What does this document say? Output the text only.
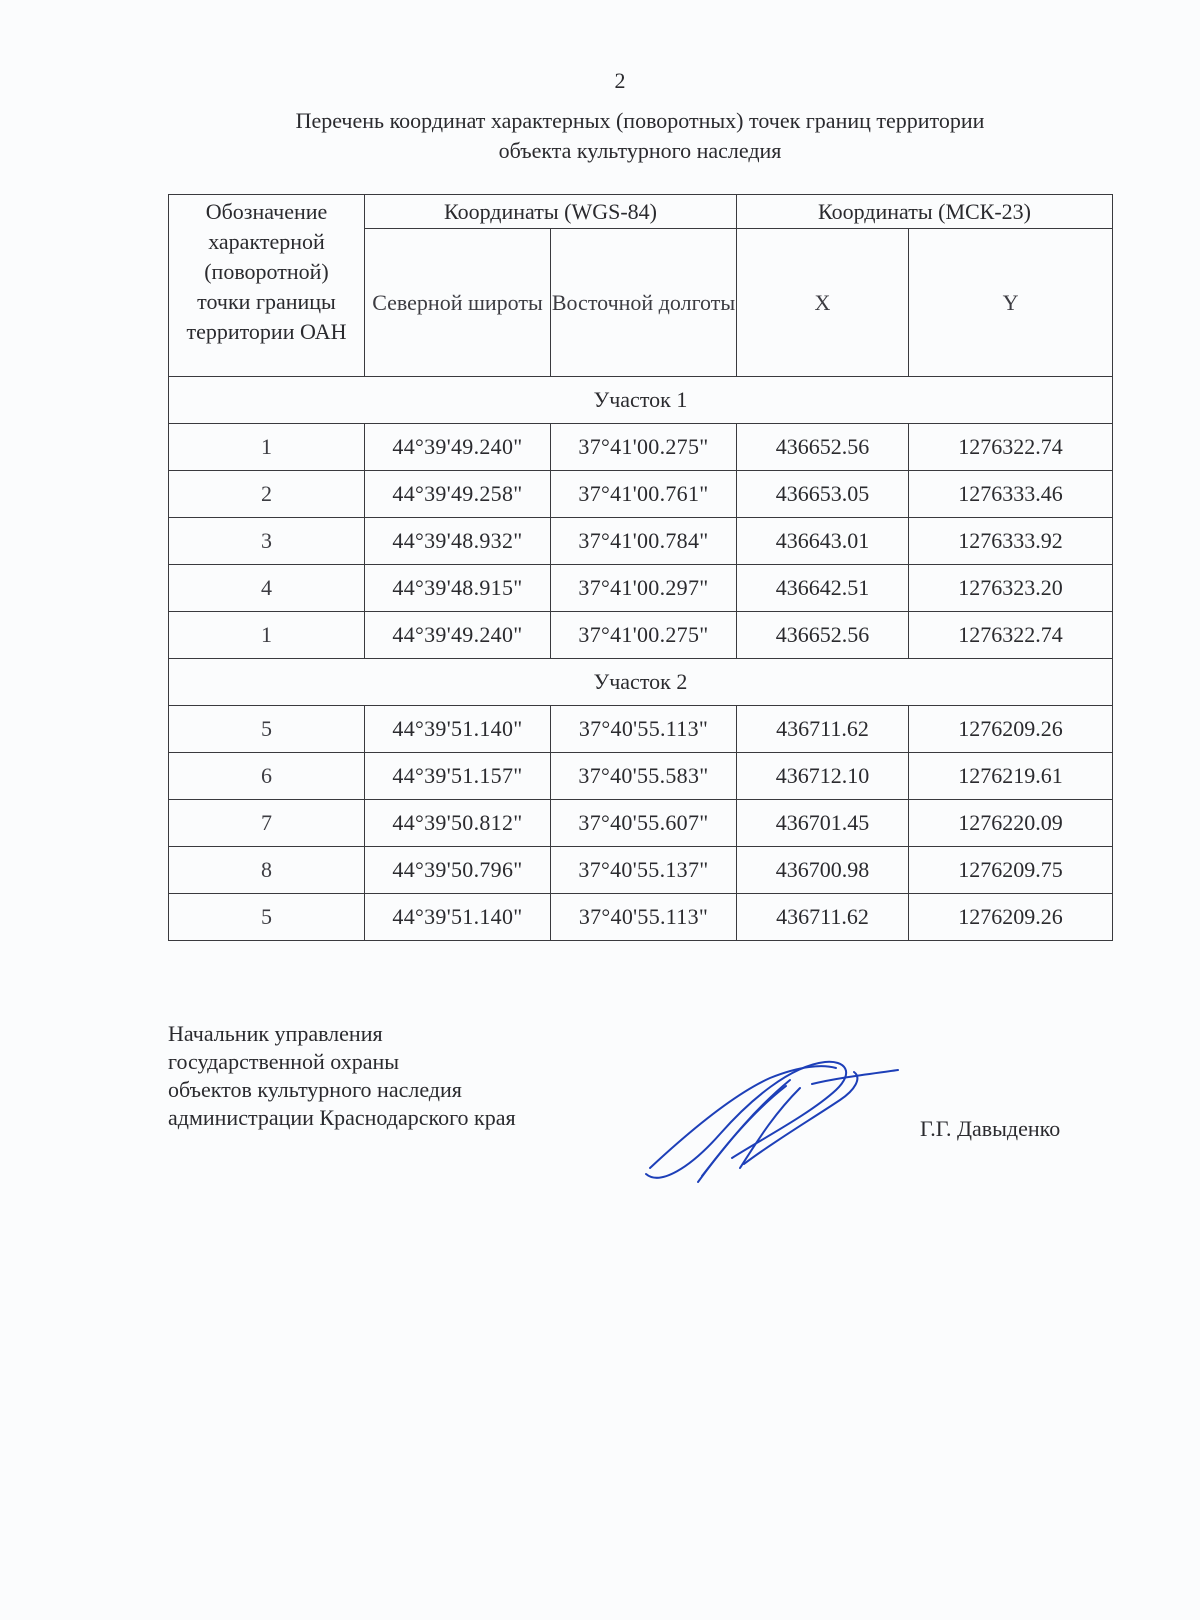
2
Перечень координат характерных (поворотных) точек границ территории
объекта культурного наследия
Обозначение характерной (поворотной) точки границы территории ОАН	Координаты (WGS-84)		Координаты (МСК-23)	
	Северной широты	Восточной долготы	X	Y
Участок 1				
1	44°39'49.240"	37°41'00.275"	436652.56	1276322.74
2	44°39'49.258"	37°41'00.761"	436653.05	1276333.46
3	44°39'48.932"	37°41'00.784"	436643.01	1276333.92
4	44°39'48.915"	37°41'00.297"	436642.51	1276323.20
1	44°39'49.240"	37°41'00.275"	436652.56	1276322.74
Участок 2				
5	44°39'51.140"	37°40'55.113"	436711.62	1276209.26
6	44°39'51.157"	37°40'55.583"	436712.10	1276219.61
7	44°39'50.812"	37°40'55.607"	436701.45	1276220.09
8	44°39'50.796"	37°40'55.137"	436700.98	1276209.75
5	44°39'51.140"	37°40'55.113"	436711.62	1276209.26
Начальник управления
государственной охраны
объектов культурного наследия
администрации Краснодарского края	Г.Г. Давыденко
